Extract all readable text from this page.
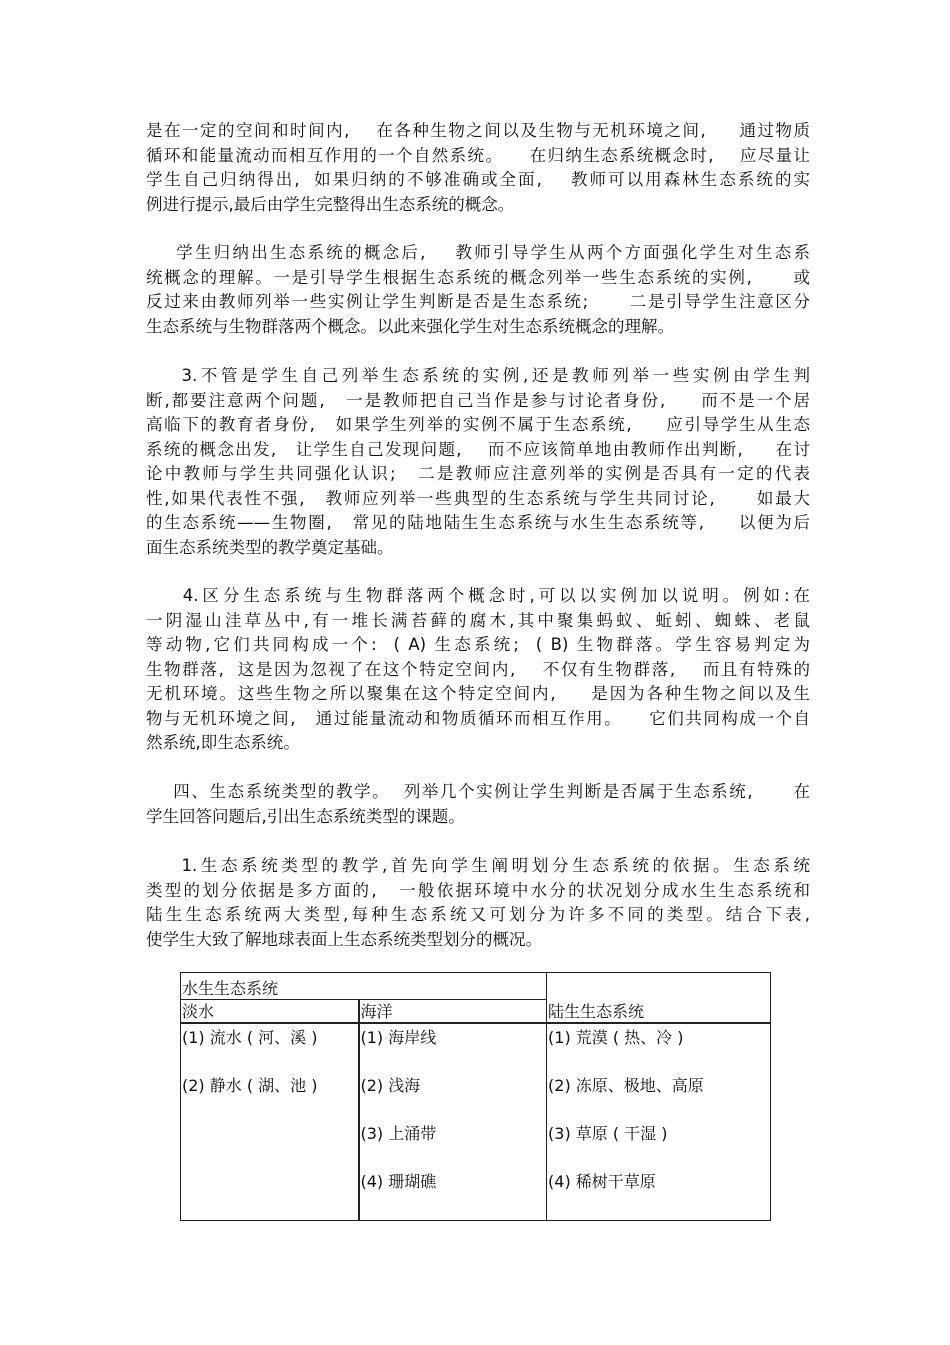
是在一定的空间和时间内,    在各种生物之间以及生物与无机环境之间,     通过物质
循环和能量流动而相互作用的一个自然系统。    在归纳生态系统概念时,    应尽量让
学生自己归纳得出,  如果归纳的不够准确或全面,    教师可以用森林生态系统的实
例进行提示,最后由学生完整得出生态系统的概念。

学生归纳出生态系统的概念后,    教师引导学生从两个方面强化学生对生态系
统概念的理解。一是引导学生根据生态系统的概念列举一些生态系统的实例,      或
反过来由教师列举一些实例让学生判断是否是生态系统;      二是引导学生注意区分
生态系统与生物群落两个概念。以此来强化学生对生态系统概念的理解。

3.不管是学生自己列举生态系统的实例,还是教师列举一些实例由学生判
断,都要注意两个问题,   一是教师把自己当作是参与讨论者身份,     而不是一个居
高临下的教育者身份,   如果学生列举的实例不属于生态系统,     应引导学生从生态
系统的概念出发,   让学生自己发现问题,    而不应该简单地由教师作出判断,     在讨
论中教师与学生共同强化认识;   二是教师应注意列举的实例是否具有一定的代表
性,如果代表性不强,   教师应列举一些典型的生态系统与学生共同讨论,      如最大
的生态系统——生物圈,   常见的陆地陆生生态系统与水生生态系统等,     以便为后
面生态系统类型的教学奠定基础。

4.区分生态系统与生物群落两个概念时,可以以实例加以说明。例如:在
一阴湿山洼草丛中,有一堆长满苔藓的腐木,其中聚集蚂蚁、蚯蚓、蜘蛛、老鼠
等动物,它们共同构成一个:  ( A) 生态系统;  ( B) 生物群落。学生容易判定为
生物群落,  这是因为忽视了在这个特定空间内,    不仅有生物群落,    而且有特殊的
无机环境。这些生物之所以聚集在这个特定空间内,     是因为各种生物之间以及生
物与无机环境之间,   通过能量流动和物质循环而相互作用。    它们共同构成一个自
然系统,即生态系统。

四、生态系统类型的教学。  列举几个实例让学生判断是否属于生态系统,      在
学生回答问题后,引出生态系统类型的课题。

1.生态系统类型的教学,首先向学生阐明划分生态系统的依据。生态系统
类型的划分依据是多方面的,   一般依据环境中水分的状况划分成水生生态系统和
陆生生态系统两大类型,每种生态系统又可划分为许多不同的类型。结合下表,
使学生大致了解地球表面上生态系统类型划分的概况。

水生生态系统		陆生生态系统
淡水	海洋	

(1) 流水 ( 河、溪 )
(2) 静水 ( 湖、池 )	(1) 海岸线
(2) 浅海
(3) 上涌带
(4) 珊瑚礁	(1) 荒漠 ( 热、冷 )
(2) 冻原、极地、高原
(3) 草原 ( 干湿 )
(4) 稀树干草原
